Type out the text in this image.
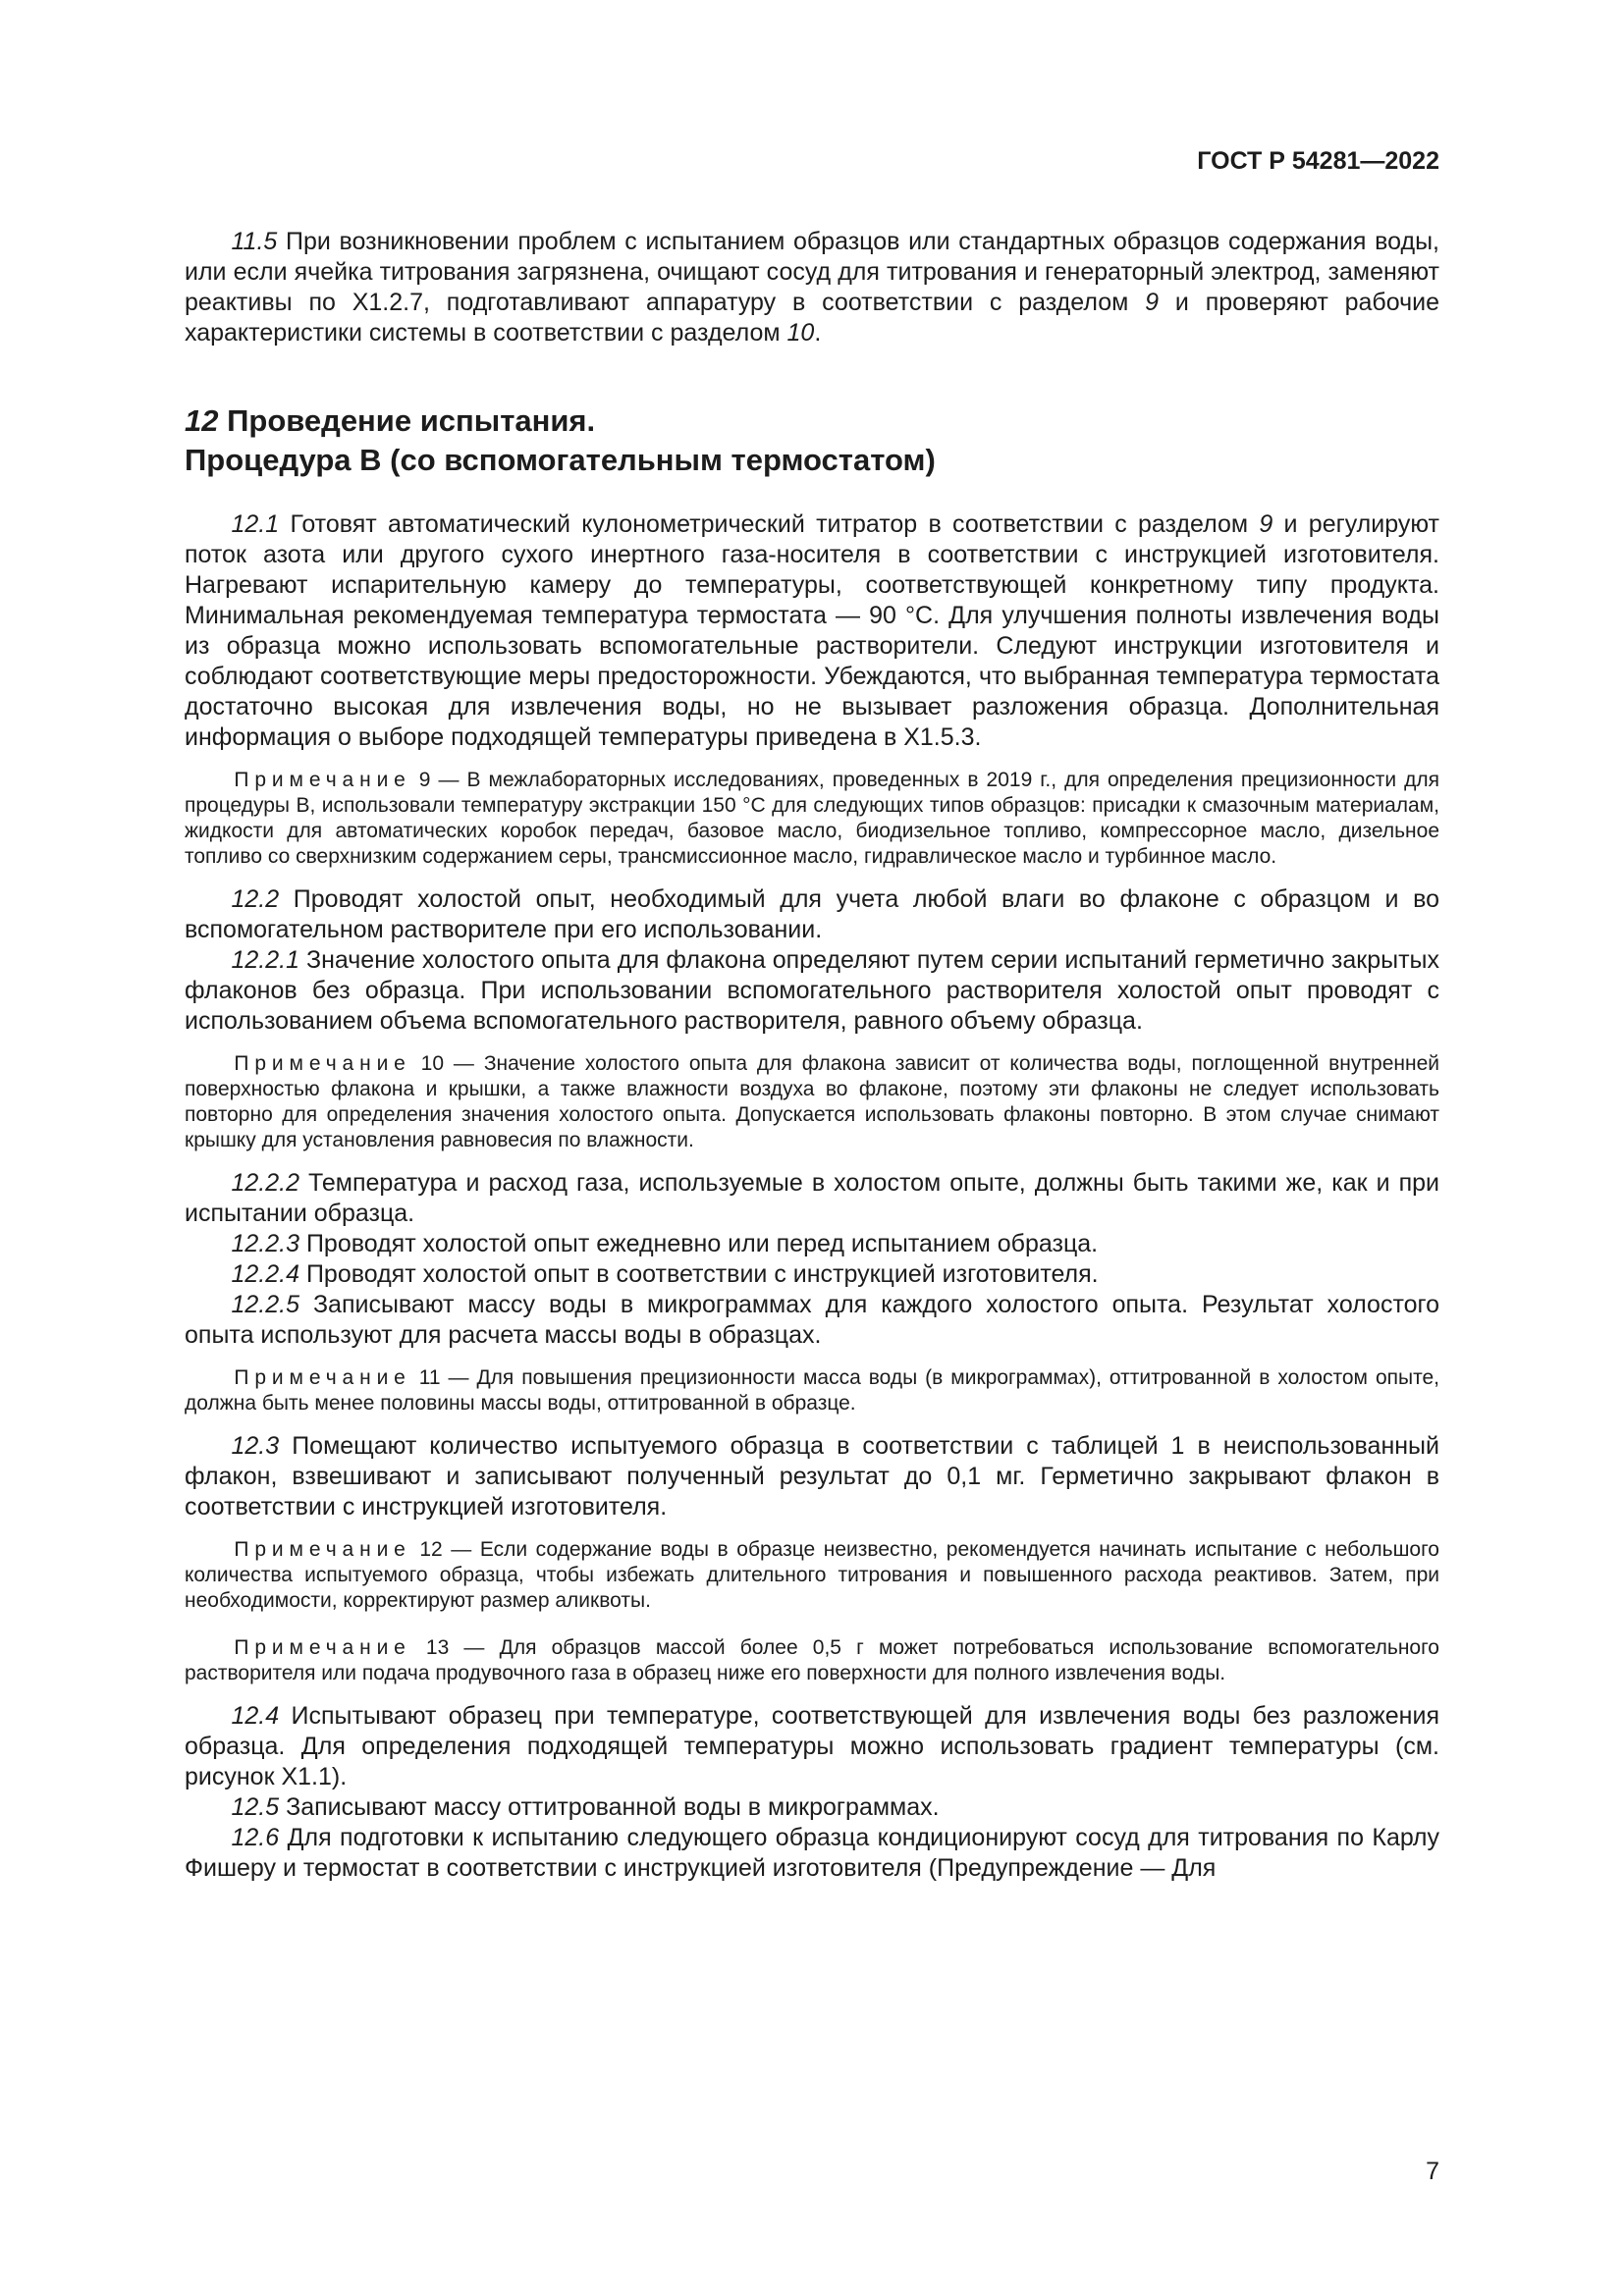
ГОСТ Р 54281—2022

11.5 При возникновении проблем с испытанием образцов или стандартных образцов содержания воды, или если ячейка титрования загрязнена, очищают сосуд для титрования и генераторный электрод, заменяют реактивы по X1.2.7, подготавливают аппаратуру в соответствии с разделом 9 и проверяют рабочие характеристики системы в соответствии с разделом 10.

12 Проведение испытания.
Процедура В (со вспомогательным термостатом)

12.1 Готовят автоматический кулонометрический титратор в соответствии с разделом 9 и регулируют поток азота или другого сухого инертного газа-носителя в соответствии с инструкцией изготовителя. Нагревают испарительную камеру до температуры, соответствующей конкретному типу продукта. Минимальная рекомендуемая температура термостата — 90 °С. Для улучшения полноты извлечения воды из образца можно использовать вспомогательные растворители. Следуют инструкции изготовителя и соблюдают соответствующие меры предосторожности. Убеждаются, что выбранная температура термостата достаточно высокая для извлечения воды, но не вызывает разложения образца. Дополнительная информация о выборе подходящей температуры приведена в X1.5.3.

Примечание 9 — В межлабораторных исследованиях, проведенных в 2019 г., для определения прецизионности для процедуры В, использовали температуру экстракции 150 °С для следующих типов образцов: присадки к смазочным материалам, жидкости для автоматических коробок передач, базовое масло, биодизельное топливо, компрессорное масло, дизельное топливо со сверхнизким содержанием серы, трансмиссионное масло, гидравлическое масло и турбинное масло.

12.2 Проводят холостой опыт, необходимый для учета любой влаги во флаконе с образцом и во вспомогательном растворителе при его использовании.

12.2.1 Значение холостого опыта для флакона определяют путем серии испытаний герметично закрытых флаконов без образца. При использовании вспомогательного растворителя холостой опыт проводят с использованием объема вспомогательного растворителя, равного объему образца.

Примечание 10 — Значение холостого опыта для флакона зависит от количества воды, поглощенной внутренней поверхностью флакона и крышки, а также влажности воздуха во флаконе, поэтому эти флаконы не следует использовать повторно для определения значения холостого опыта. Допускается использовать флаконы повторно. В этом случае снимают крышку для установления равновесия по влажности.

12.2.2 Температура и расход газа, используемые в холостом опыте, должны быть такими же, как и при испытании образца.

12.2.3 Проводят холостой опыт ежедневно или перед испытанием образца.

12.2.4 Проводят холостой опыт в соответствии с инструкцией изготовителя.

12.2.5 Записывают массу воды в микрограммах для каждого холостого опыта. Результат холостого опыта используют для расчета массы воды в образцах.

Примечание 11 — Для повышения прецизионности масса воды (в микрограммах), оттитрованной в холостом опыте, должна быть менее половины массы воды, оттитрованной в образце.

12.3 Помещают количество испытуемого образца в соответствии с таблицей 1 в неиспользованный флакон, взвешивают и записывают полученный результат до 0,1 мг. Герметично закрывают флакон в соответствии с инструкцией изготовителя.

Примечание 12 — Если содержание воды в образце неизвестно, рекомендуется начинать испытание с небольшого количества испытуемого образца, чтобы избежать длительного титрования и повышенного расхода реактивов. Затем, при необходимости, корректируют размер аликвоты.

Примечание 13 — Для образцов массой более 0,5 г может потребоваться использование вспомогательного растворителя или подача продувочного газа в образец ниже его поверхности для полного извлечения воды.

12.4 Испытывают образец при температуре, соответствующей для извлечения воды без разложения образца. Для определения подходящей температуры можно использовать градиент температуры (см. рисунок X1.1).

12.5 Записывают массу оттитрованной воды в микрограммах.

12.6 Для подготовки к испытанию следующего образца кондиционируют сосуд для титрования по Карлу Фишеру и термостат в соответствии с инструкцией изготовителя (Предупреждение — Для

7
